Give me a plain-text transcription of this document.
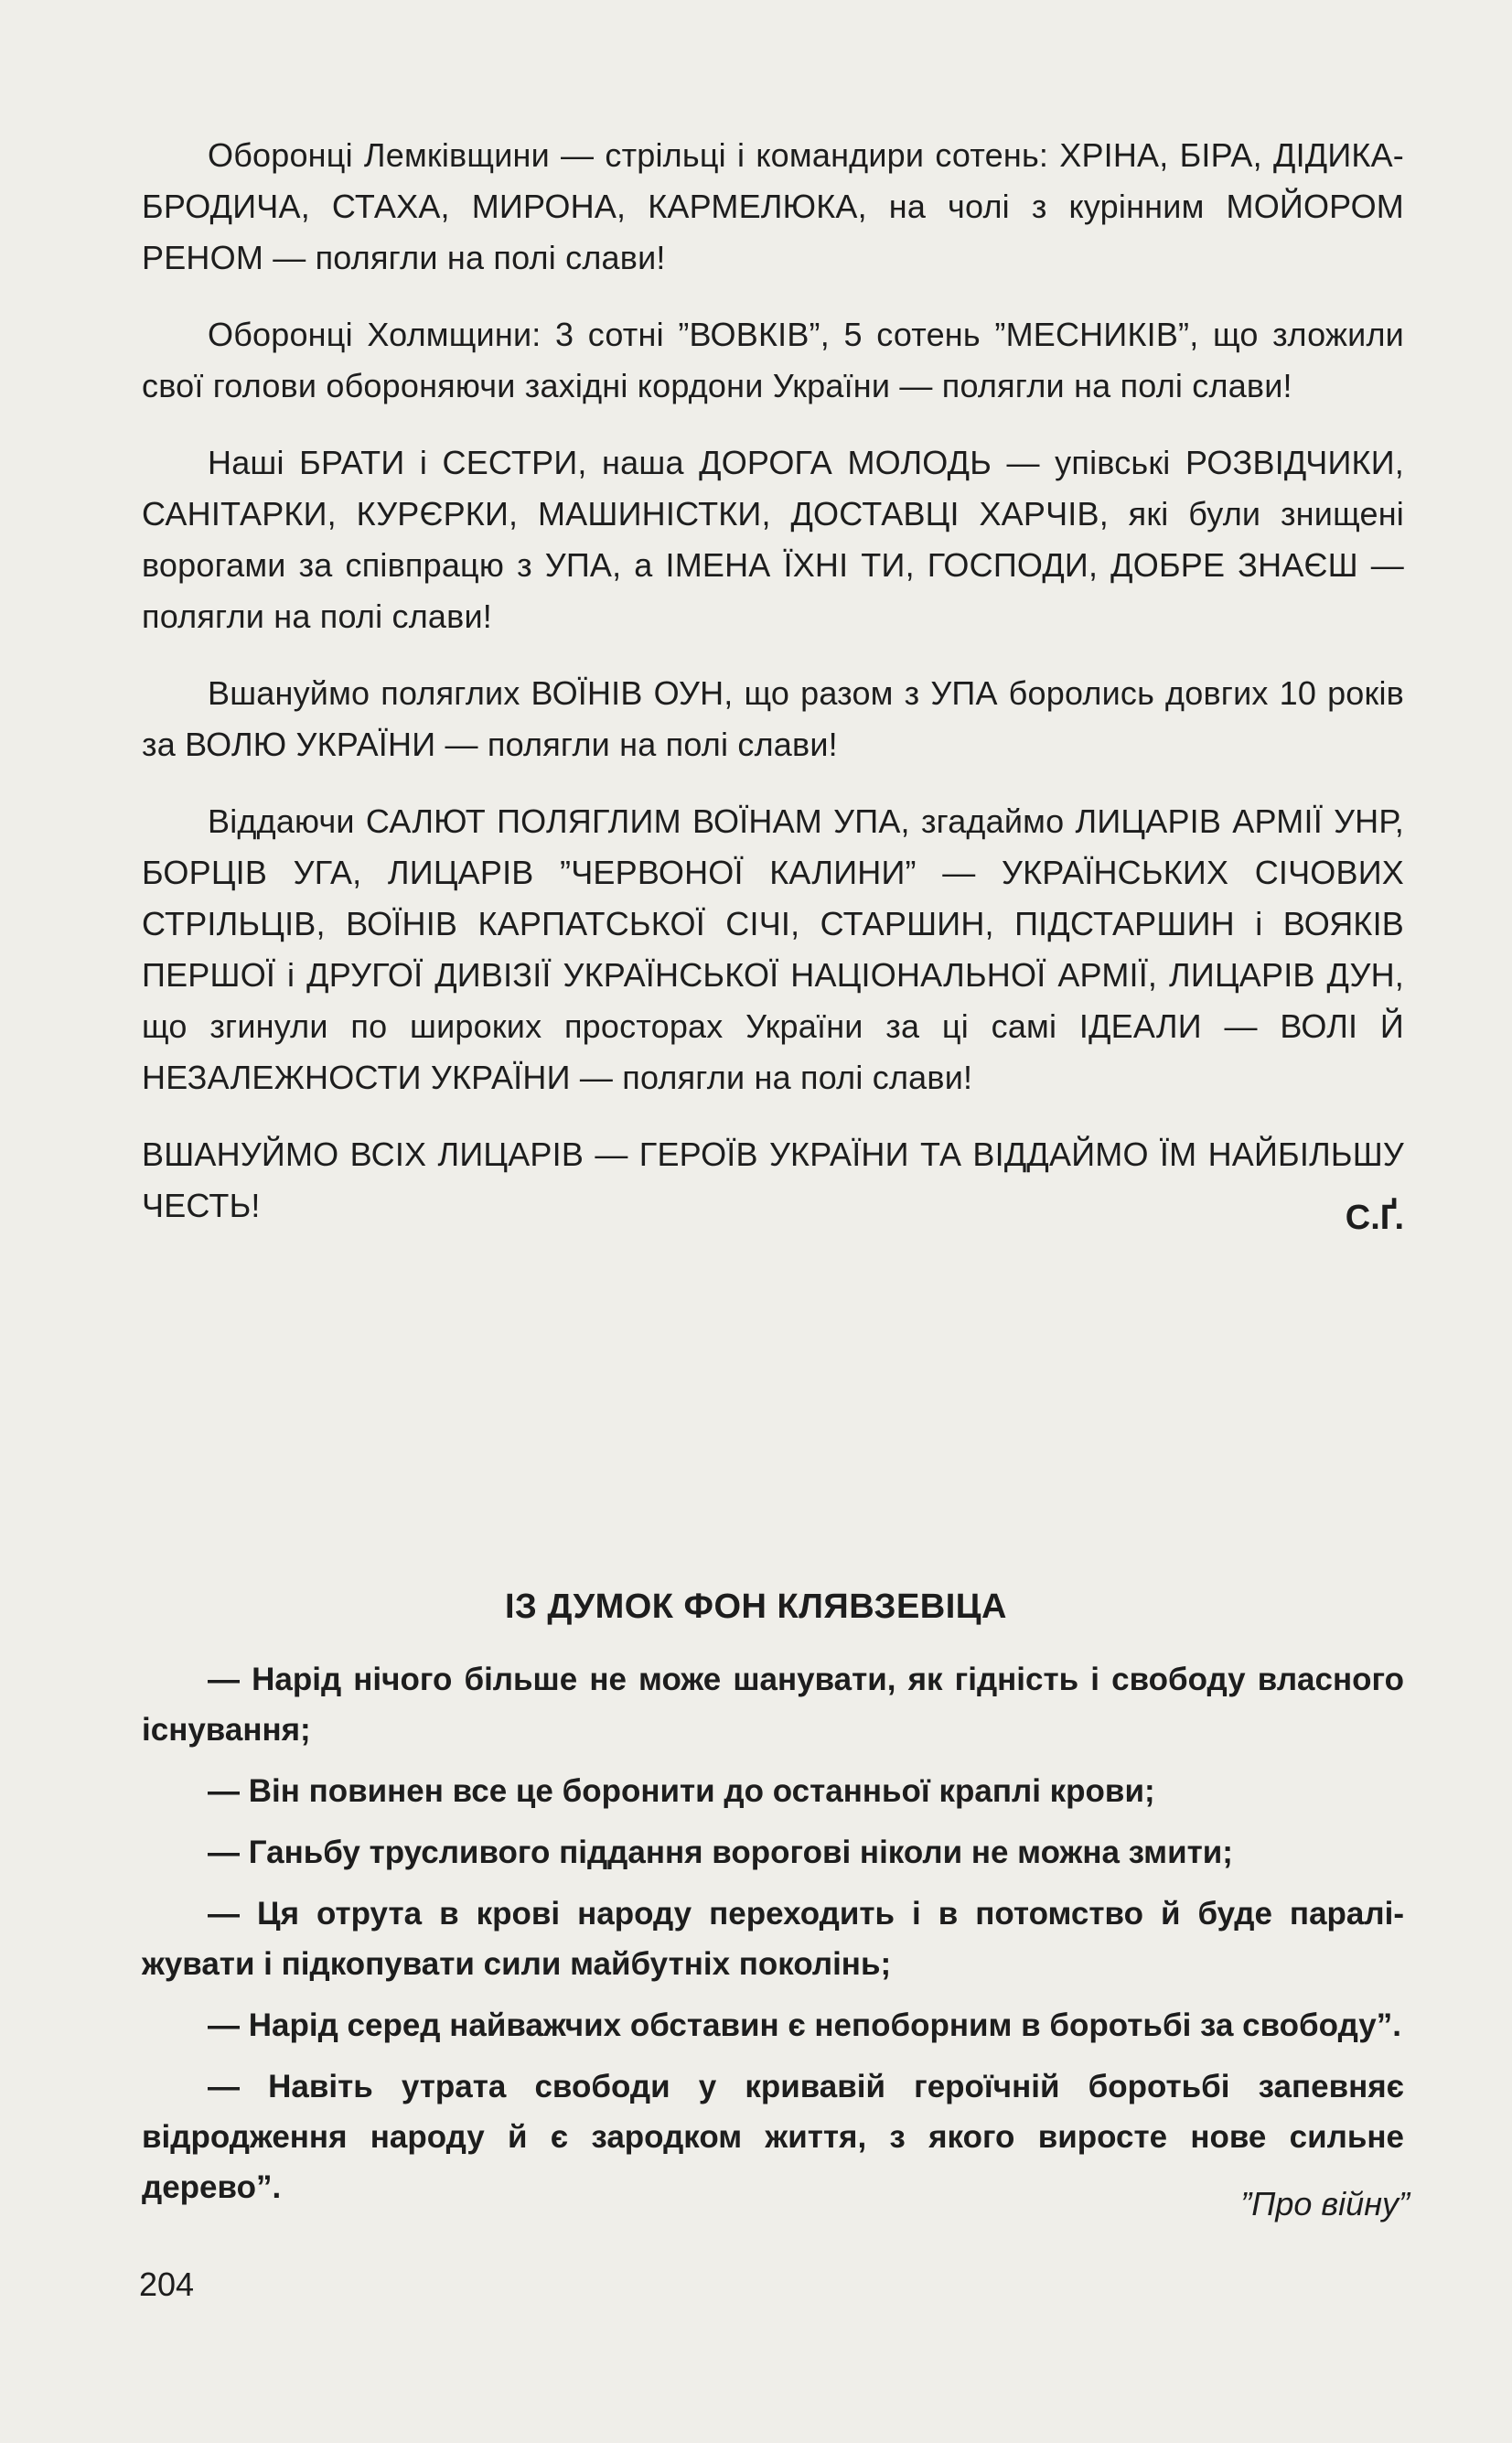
Оборонці Лемківщини — стрільці і командири сотень: ХРІНА, БІРА, ДІДИКА-БРОДИЧА, СТАХА, МИРОНА, КАРМЕЛЮКА, на чолі з курінним МОЙОРОМ РЕНОМ — полягли на полі слави!

Оборонці Холмщини: 3 сотні ”ВОВКІВ”, 5 сотень ”МЕСНИКІВ”, що зложили свої голови обороняючи західні кордони України — полягли на полі слави!

Наші БРАТИ і СЕСТРИ, наша ДОРОГА МОЛОДЬ — упівські РОЗВІДЧИКИ, САНІТАРКИ, КУРЄРКИ, МАШИНІСТКИ, ДОСТАВЦІ ХАРЧІВ, які були знищені ворогами за співпрацю з УПА, а ІМЕНА ЇХНІ ТИ, ГОСПОДИ, ДОБРЕ ЗНАЄШ — полягли на полі слави!

Вшануймо поляглих ВОЇНІВ ОУН, що разом з УПА боролись довгих 10 років за ВОЛЮ УКРАЇНИ — полягли на полі слави!

Віддаючи САЛЮТ ПОЛЯГЛИМ ВОЇНАМ УПА, згадаймо ЛИЦАРІВ АРМІЇ УНР, БОРЦІВ УГА, ЛИЦАРІВ ”ЧЕРВОНОЇ КАЛИНИ” — УКРАЇНСЬКИХ СІЧОВИХ СТРІЛЬЦІВ, ВОЇНІВ КАРПАТСЬКОЇ СІЧІ, СТАРШИН, ПІДСТАРШИН і ВОЯКІВ ПЕРШОЇ і ДРУГОЇ ДИВІЗІЇ УКРАЇНСЬКОЇ НАЦІОНАЛЬНОЇ АРМІЇ, ЛИЦАРІВ ДУН, що згинули по широких просторах України за ці самі ІДЕАЛИ — ВОЛІ Й НЕЗАЛЕЖНОСТИ УКРАЇНИ — полягли на полі слави!

ВШАНУЙМО ВСІХ ЛИЦАРІВ — ГЕРОЇВ УКРАЇНИ ТА ВІДДАЙМО ЇМ НАЙБІЛЬШУ ЧЕСТЬ!	С.Ґ.
ІЗ ДУМОК ФОН КЛЯВЗЕВІЦА

— Нарід нічого більше не може шанувати, як гідність і свободу власного існування;

— Він повинен все це боронити до останньої краплі крови;

— Ганьбу трусливого піддання ворогові ніколи не можна змити;

— Ця отрута в крові народу переходить і в потомство й буде параліжувати і підкопувати сили майбутніх поколінь;

— Нарід серед найважчих обставин є непоборним в боротьбі за свободу”.

— Навіть утрата свободи у кривавій героїчній боротьбі запевняє відродження народу й є зародком життя, з якого виросте нове сильне дерево”.	”Про війну”
204
